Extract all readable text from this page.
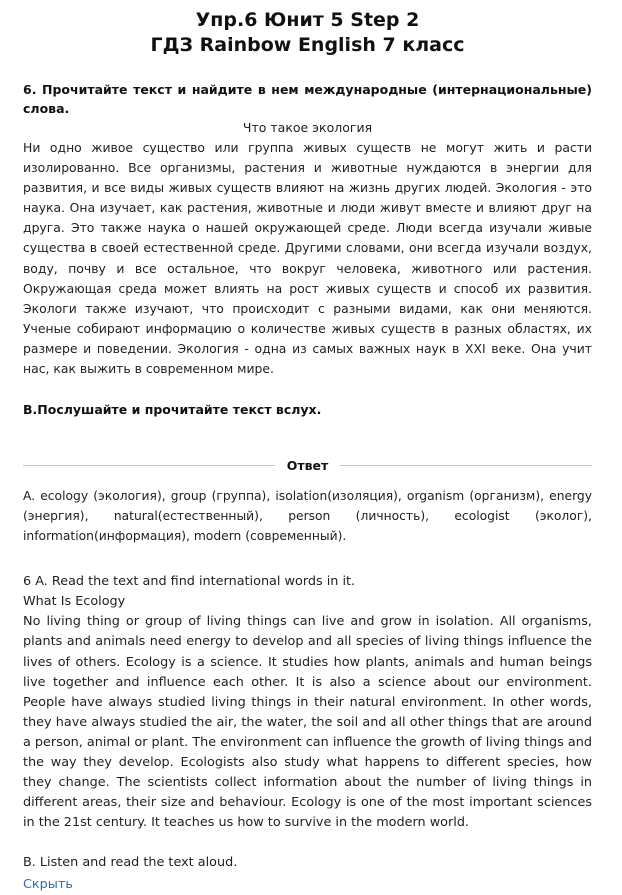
Упр.6 Юнит 5 Step 2
ГДЗ Rainbow English 7 класс

6. Прочитайте текст и найдите в нем международные (интернациональные) слова.

Что такое экология

Ни одно живое существо или группа живых существ не могут жить и расти изолированно. Все организмы, растения и животные нуждаются в энергии для развития, и все виды живых существ влияют на жизнь других людей. Экология - это наука. Она изучает, как растения, животные и люди живут вместе и влияют друг на друга. Это также наука о нашей окружающей среде. Люди всегда изучали живые существа в своей естественной среде. Другими словами, они всегда изучали воздух, воду, почву и все остальное, что вокруг человека, животного или растения. Окружающая среда может влиять на рост живых существ и способ их развития. Экологи также изучают, что происходит с разными видами, как они меняются. Ученые собирают информацию о количестве живых существ в разных областях, их размере и поведении. Экология - одна из самых важных наук в XXI веке. Она учит нас, как выжить в современном мире.

В.Послушайте и прочитайте текст вслух.

Ответ

A. ecology (экология), group (группа), isolation(изоляция), organism (организм), energy (энергия), natural(естественный), person (личность), ecologist (эколог), information(информация), modern (современный).

6 A. Read the text and find international words in it.

What Is Ecology

No living thing or group of living things can live and grow in isolation. All organisms, plants and animals need energy to develop and all species of living things influence the lives of others. Ecology is a science. It studies how plants, animals and human beings live together and influence each other. It is also a science about our environment. People have always studied living things in their natural environment. In other words, they have always studied the air, the water, the soil and all other things that are around a person, animal or plant. The environment can influence the growth of living things and the way they develop. Ecologists also study what happens to different species, how they change. The scientists collect information about the number of living things in different areas, their size and behaviour. Ecology is one of the most important sciences in the 21st century. It teaches us how to survive in the modern world.

B. Listen and read the text aloud.

Скрыть
